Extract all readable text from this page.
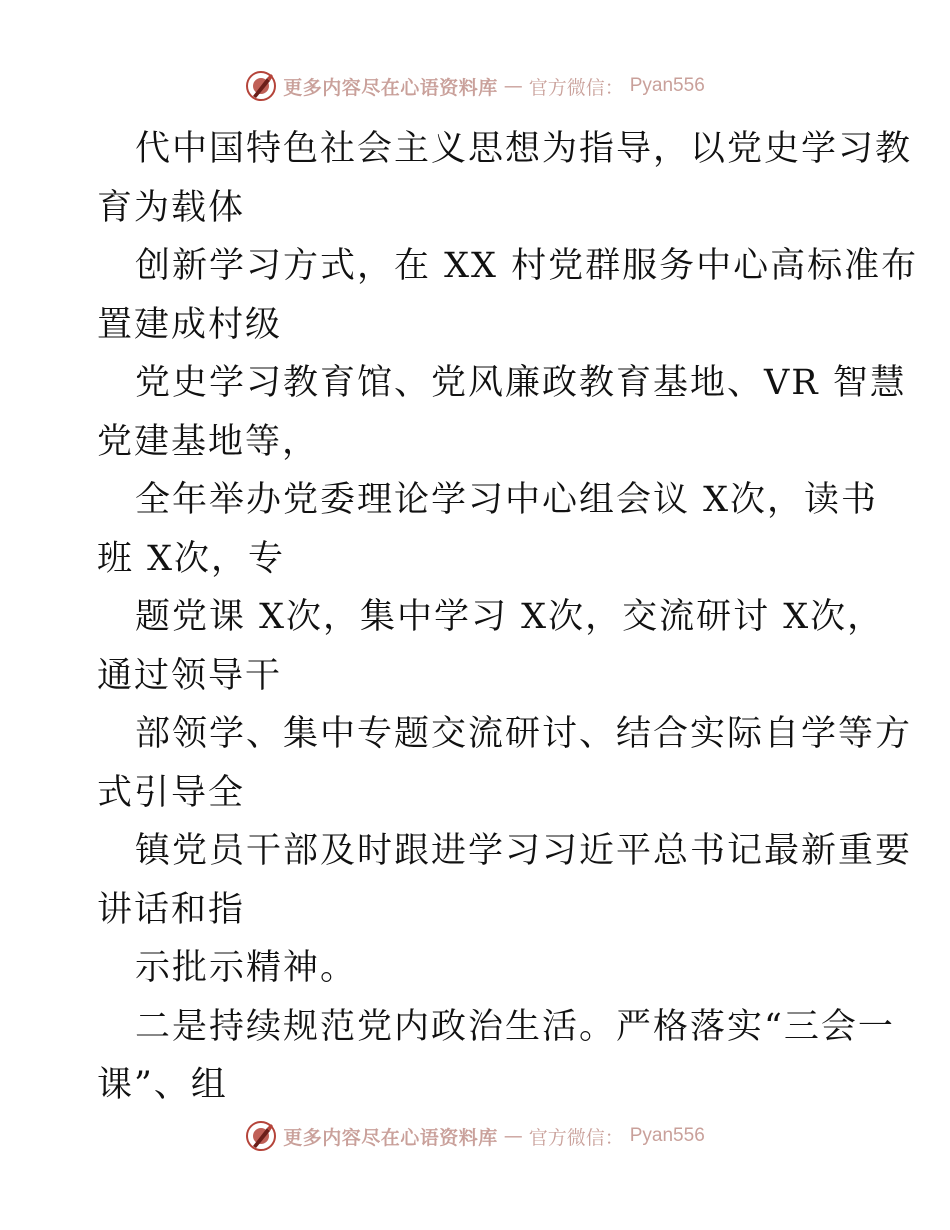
更多内容尽在心语资料库 — 官方微信： Pyan556
代中国特色社会主义思想为指导，以党史学习教
育为载体
创新学习方式，在 XX 村党群服务中心高标准布
置建成村级
党史学习教育馆、党风廉政教育基地、VR 智慧
党建基地等，
全年举办党委理论学习中心组会议 X次，读书
班 X次，专
题党课 X次，集中学习 X次，交流研讨 X次，
通过领导干
部领学、集中专题交流研讨、结合实际自学等方
式引导全
镇党员干部及时跟进学习习近平总书记最新重要
讲话和指
示批示精神。
二是持续规范党内政治生活。严格落实“三会一
课”、组
更多内容尽在心语资料库 — 官方微信： Pyan556
